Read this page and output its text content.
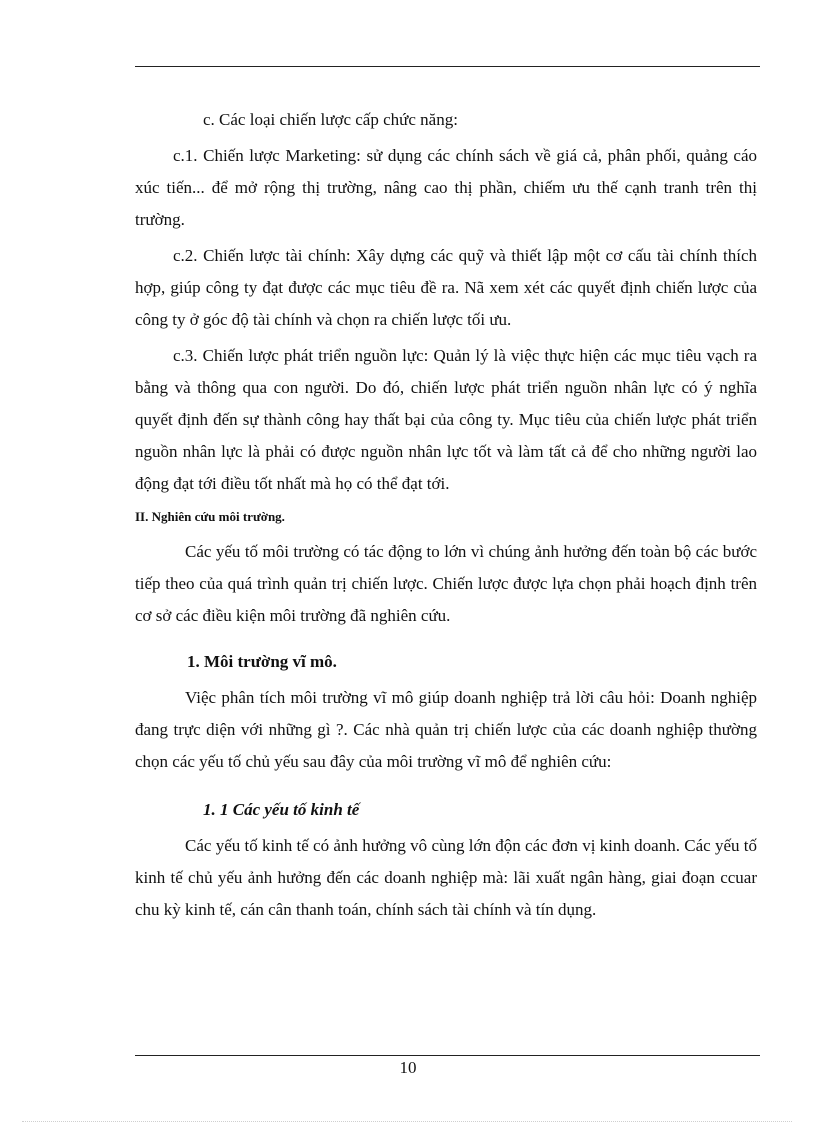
c. Các loại chiến lược cấp chức năng:

c.1. Chiến lược Marketing: sử dụng các chính sách về giá cả, phân phối, quảng cáo xúc tiến... để mở rộng thị trường, nâng cao thị phần, chiếm ưu thế cạnh tranh trên thị trường.

c.2. Chiến lược tài chính: Xây dựng các quỹ và thiết lập một cơ cấu tài chính thích hợp, giúp công ty đạt được các mục tiêu đề ra. Nã xem xét các quyết định chiến lược của công ty ở góc độ tài chính và chọn ra chiến lược tối ưu.

c.3. Chiến lược phát triển nguồn lực: Quản lý là việc thực hiện các mục tiêu vạch ra bằng và thông qua con người. Do đó, chiến lược phát triển nguồn nhân lực có ý nghĩa quyết định đến sự thành công hay thất bại của công ty. Mục tiêu của chiến lược phát triển nguồn nhân lực là phải có được nguồn nhân lực tốt và làm tất cả để cho những người lao động đạt tới điều tốt nhất mà họ có thể đạt tới.

II. Nghiên cứu môi trường.

Các yếu tố môi trường có tác động to lớn vì chúng ảnh hưởng đến toàn bộ các bước tiếp theo của quá trình quản trị chiến lược. Chiến lược được lựa chọn phải hoạch định trên cơ sở các điều kiện môi trường đã nghiên cứu.

1. Môi trường vĩ mô.

Việc phân tích môi trường vĩ mô giúp doanh nghiệp trả lời câu hỏi: Doanh nghiệp đang trực diện với những gì ?. Các nhà quản trị chiến lược của các doanh nghiệp thường chọn các yếu tố chủ yếu sau đây của môi trường vĩ mô để nghiên cứu:

1. 1 Các yếu tố kinh tế

Các yếu tố kinh tế có ảnh hưởng vô cùng lớn độn các đơn vị kinh doanh. Các yếu tố kinh tế chủ yếu ảnh hưởng đến các doanh nghiệp mà: lãi xuất ngân hàng, giai đoạn ccuar chu kỳ kinh tế, cán cân thanh toán, chính sách tài chính và tín dụng.

10
